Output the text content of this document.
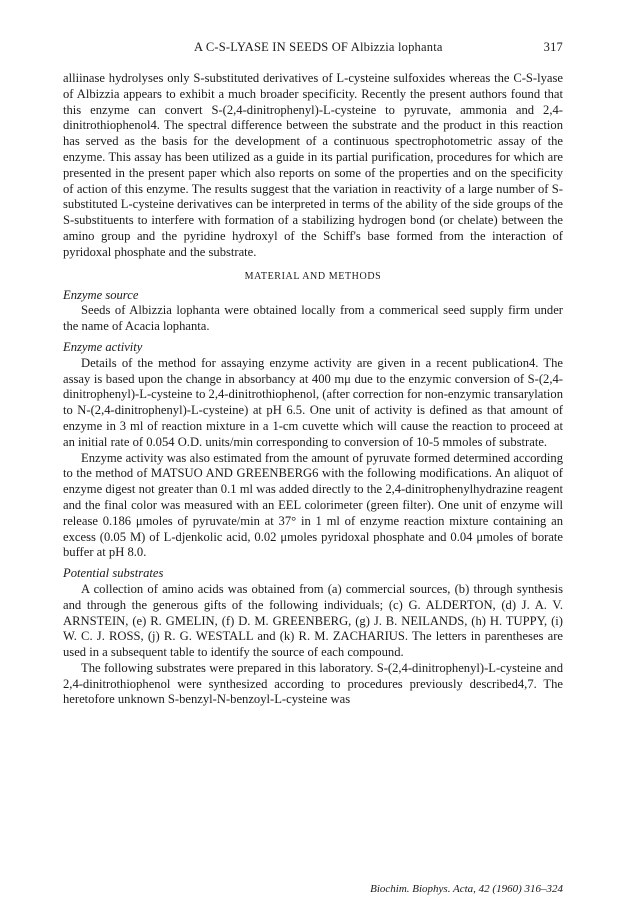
A C-S-LYASE IN SEEDS OF Albizzia lophanta	317

alliinase hydrolyses only S-substituted derivatives of L-cysteine sulfoxides whereas the C-S-lyase of Albizzia appears to exhibit a much broader specificity. Recently the present authors found that this enzyme can convert S-(2,4-dinitrophenyl)-L-cysteine to pyruvate, ammonia and 2,4-dinitrothiophenol4. The spectral difference between the substrate and the product in this reaction has served as the basis for the development of a continuous spectrophotometric assay of the enzyme. This assay has been utilized as a guide in its partial purification, procedures for which are presented in the present paper which also reports on some of the properties and on the specificity of action of this enzyme. The results suggest that the variation in reactivity of a large number of S-substituted L-cysteine derivatives can be interpreted in terms of the ability of the side groups of the S-substituents to interfere with formation of a stabilizing hydrogen bond (or chelate) between the amino group and the pyridine hydroxyl of the Schiff's base formed from the interaction of pyridoxal phosphate and the substrate.

MATERIAL AND METHODS
Enzyme source

Seeds of Albizzia lophanta were obtained locally from a commerical seed supply firm under the name of Acacia lophanta.

Enzyme activity

Details of the method for assaying enzyme activity are given in a recent publication4. The assay is based upon the change in absorbancy at 400 mμ due to the enzymic conversion of S-(2,4-dinitrophenyl)-L-cysteine to 2,4-dinitrothiophenol, (after correction for non-enzymic transarylation to N-(2,4-dinitrophenyl)-L-cysteine) at pH 6.5. One unit of activity is defined as that amount of enzyme in 3 ml of reaction mixture in a 1-cm cuvette which will cause the reaction to proceed at an initial rate of 0.054 O.D. units/min corresponding to conversion of 10-5 mmoles of substrate.

Enzyme activity was also estimated from the amount of pyruvate formed determined according to the method of MATSUO AND GREENBERG6 with the following modifications. An aliquot of enzyme digest not greater than 0.1 ml was added directly to the 2,4-dinitrophenylhydrazine reagent and the final color was measured with an EEL colorimeter (green filter). One unit of enzyme will release 0.186 μmoles of pyruvate/min at 37° in 1 ml of enzyme reaction mixture containing an excess (0.05 M) of L-djenkolic acid, 0.02 μmoles pyridoxal phosphate and 0.04 μmoles of borate buffer at pH 8.0.

Potential substrates

A collection of amino acids was obtained from (a) commercial sources, (b) through synthesis and through the generous gifts of the following individuals; (c) G. ALDERTON, (d) J. A. V. ARNSTEIN, (e) R. GMELIN, (f) D. M. GREENBERG, (g) J. B. NEILANDS, (h) H. TUPPY, (i) W. C. J. ROSS, (j) R. G. WESTALL and (k) R. M. ZACHARIUS. The letters in parentheses are used in a subsequent table to identify the source of each compound.

The following substrates were prepared in this laboratory. S-(2,4-dinitrophenyl)-L-cysteine and 2,4-dinitrothiophenol were synthesized according to procedures previously described4,7. The heretofore unknown S-benzyl-N-benzoyl-L-cysteine was

Biochim. Biophys. Acta, 42 (1960) 316–324
